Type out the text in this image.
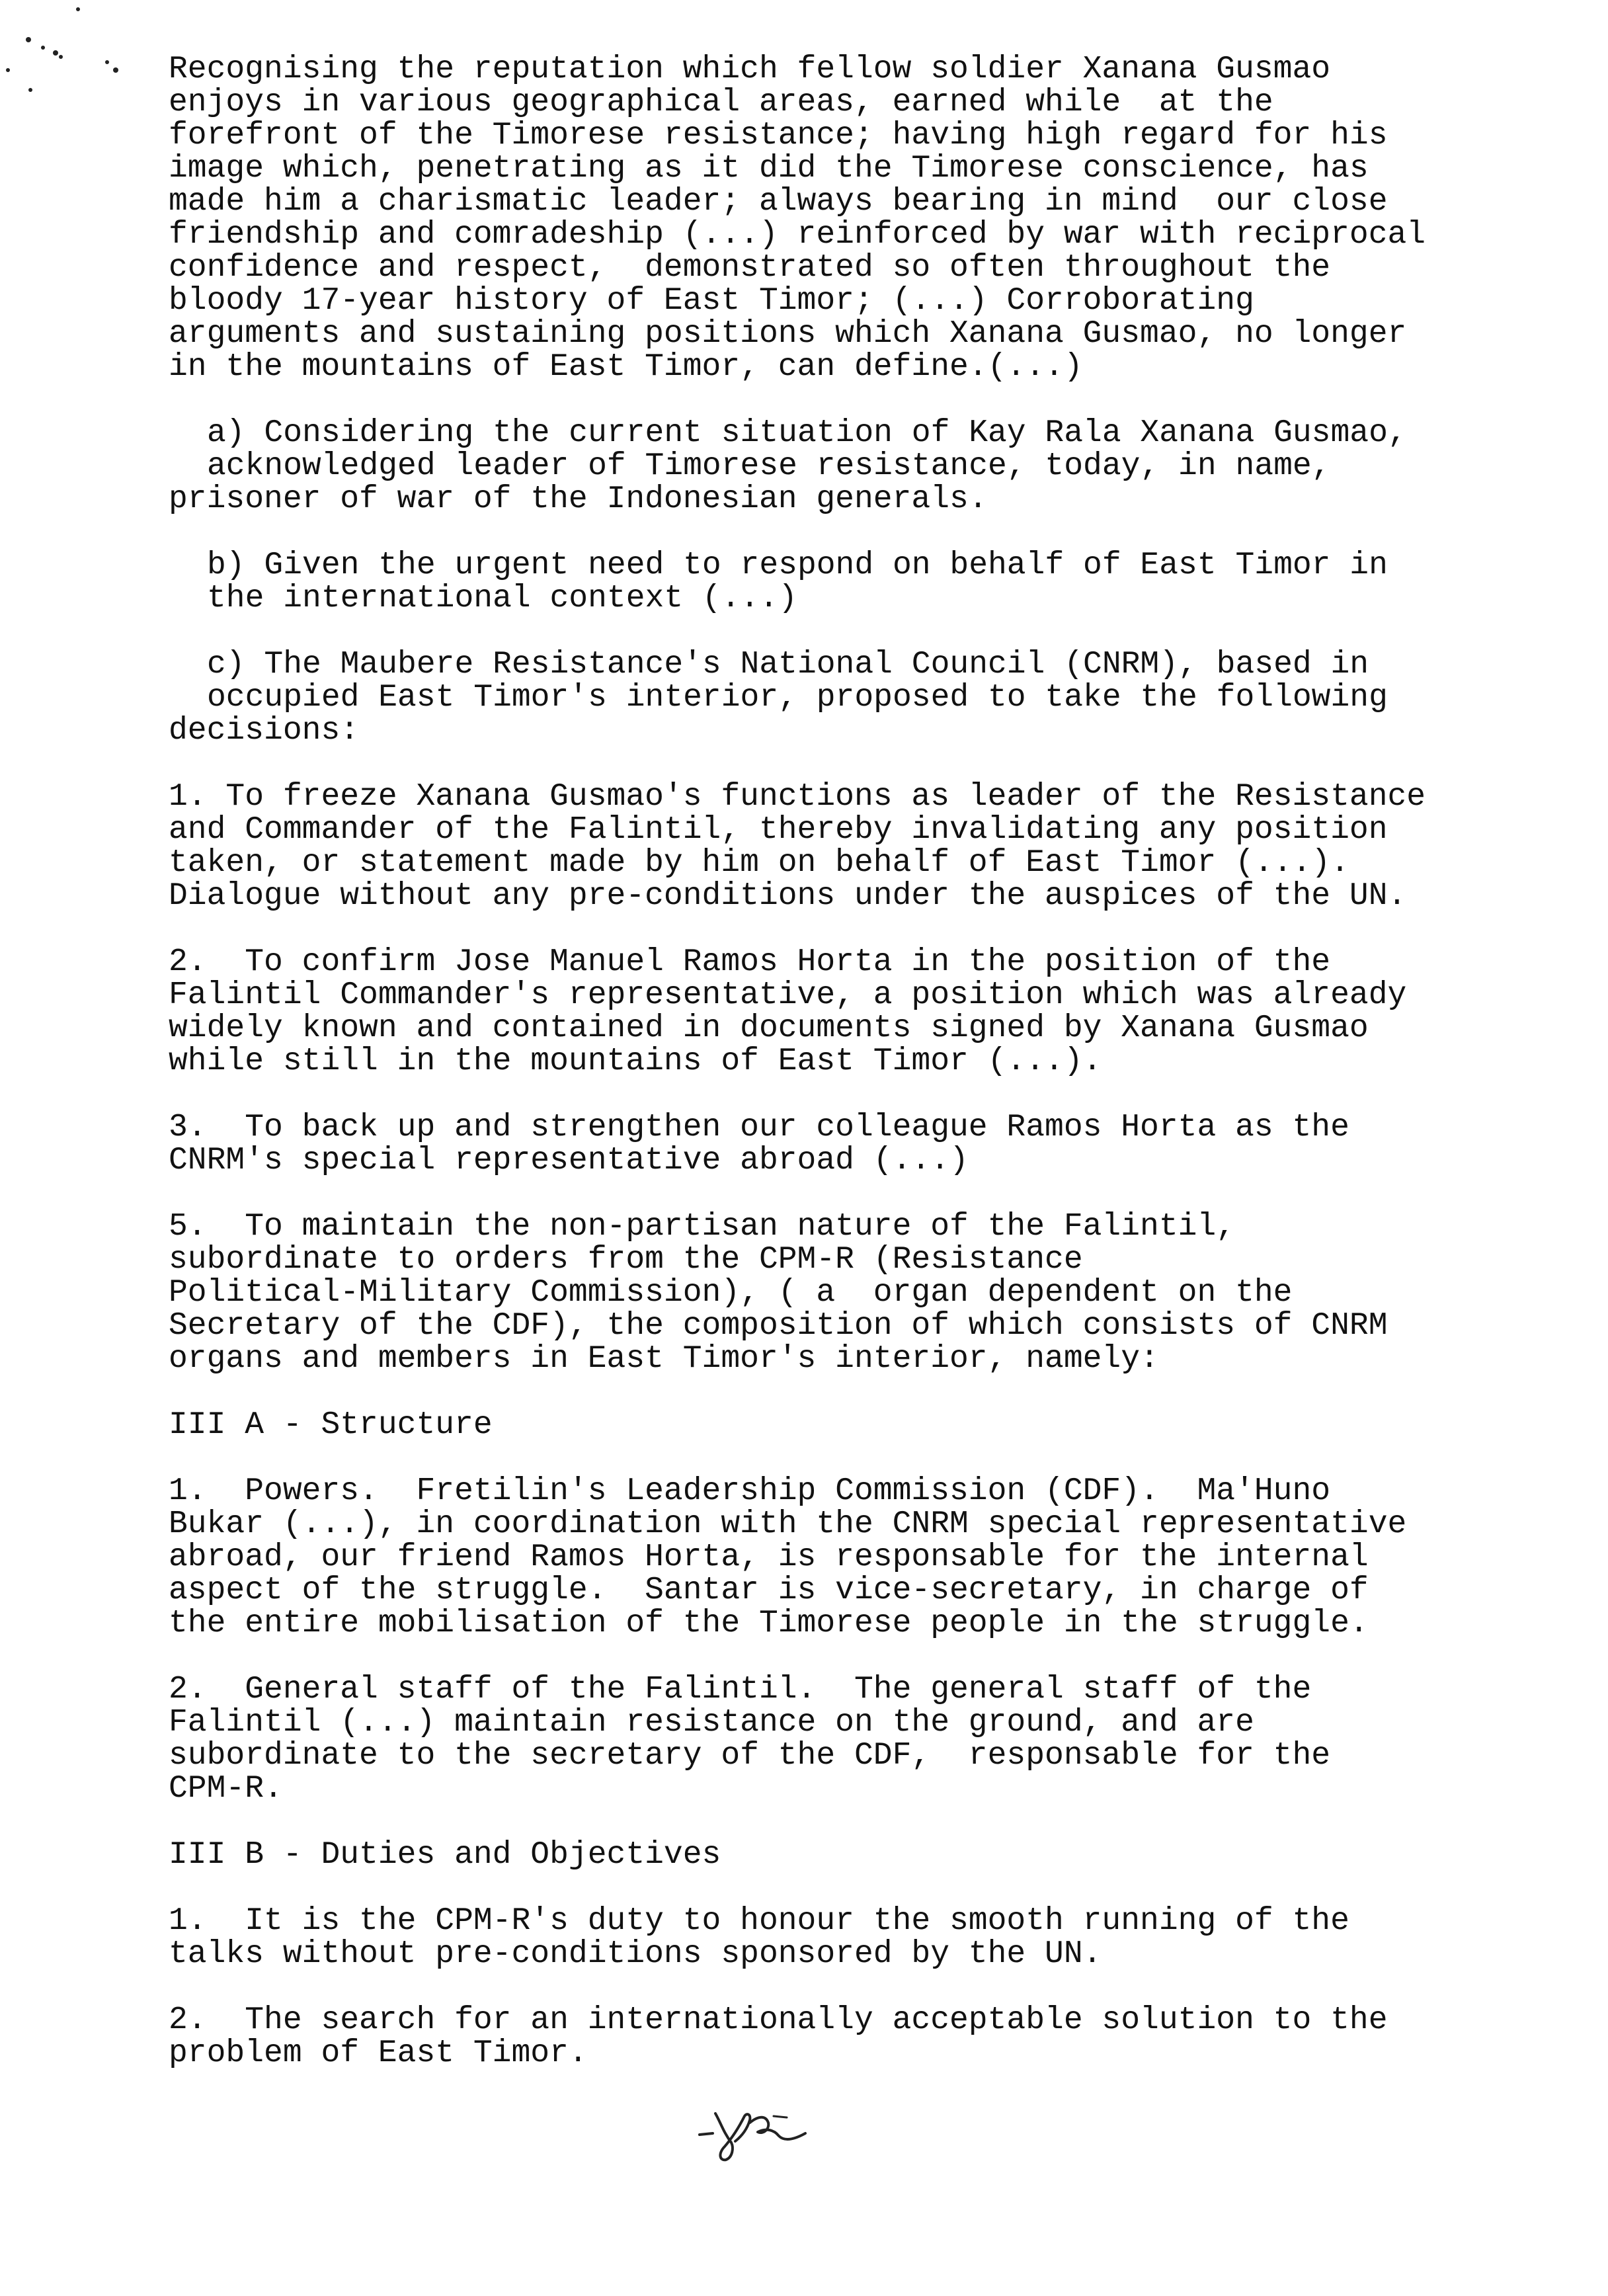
Recognising the reputation which fellow soldier Xanana Gusmao
enjoys in various geographical areas, earned while  at the
forefront of the Timorese resistance; having high regard for his
image which, penetrating as it did the Timorese conscience, has
made him a charismatic leader; always bearing in mind  our close
friendship and comradeship (...) reinforced by war with reciprocal
confidence and respect,  demonstrated so often throughout the
bloody 17-year history of East Timor; (...) Corroborating
arguments and sustaining positions which Xanana Gusmao, no longer
in the mountains of East Timor, can define.(...)
a) Considering the current situation of Kay Rala Xanana Gusmao,
acknowledged leader of Timorese resistance, today, in name,
prisoner of war of the Indonesian generals.
b) Given the urgent need to respond on behalf of East Timor in
the international context (...)
c) The Maubere Resistance's National Council (CNRM), based in
occupied East Timor's interior, proposed to take the following
decisions:
1. To freeze Xanana Gusmao's functions as leader of the Resistance
and Commander of the Falintil, thereby invalidating any position
taken, or statement made by him on behalf of East Timor (...).
Dialogue without any pre-conditions under the auspices of the UN.
2.  To confirm Jose Manuel Ramos Horta in the position of the
Falintil Commander's representative, a position which was already
widely known and contained in documents signed by Xanana Gusmao
while still in the mountains of East Timor (...).
3.  To back up and strengthen our colleague Ramos Horta as the
CNRM's special representative abroad (...)
5.  To maintain the non-partisan nature of the Falintil,
subordinate to orders from the CPM-R (Resistance
Political-Military Commission), ( a  organ dependent on the
Secretary of the CDF), the composition of which consists of CNRM
organs and members in East Timor's interior, namely:
III A - Structure
1.  Powers.  Fretilin's Leadership Commission (CDF).  Ma'Huno
Bukar (...), in coordination with the CNRM special representative
abroad, our friend Ramos Horta, is responsable for the internal
aspect of the struggle.  Santar is vice-secretary, in charge of
the entire mobilisation of the Timorese people in the struggle.
2.  General staff of the Falintil.  The general staff of the
Falintil (...) maintain resistance on the ground, and are
subordinate to the secretary of the CDF,  responsable for the
CPM-R.
III B - Duties and Objectives
1.  It is the CPM-R's duty to honour the smooth running of the
talks without pre-conditions sponsored by the UN.
2.  The search for an internationally acceptable solution to the
problem of East Timor.
